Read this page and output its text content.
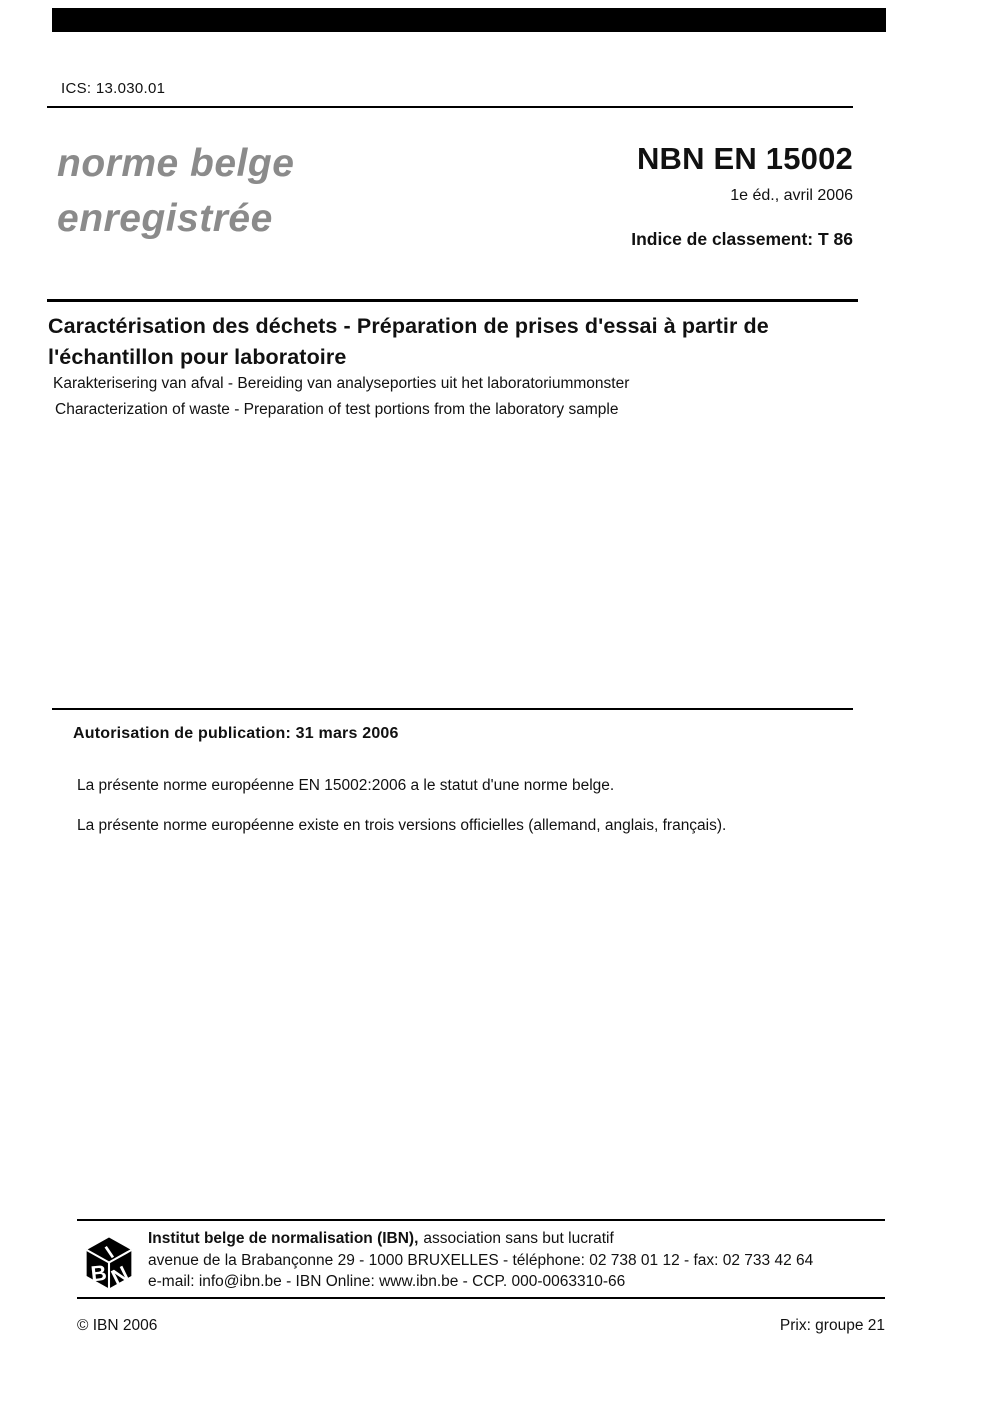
ICS: 13.030.01
norme belge
enregistrée
NBN EN 15002
1e éd., avril 2006
Indice de classement: T 86
Caractérisation des déchets - Préparation de prises d'essai à partir de l'échantillon pour laboratoire
Karakterisering van afval - Bereiding van analyseporties uit het laboratoriummonster
Characterization of waste - Preparation of test portions from the laboratory sample
Autorisation de publication: 31 mars 2006
La présente norme européenne EN 15002:2006 a le statut d'une norme belge.
La présente norme européenne existe en trois versions officielles (allemand, anglais, français).
B N
I
Institut belge de normalisation (IBN), association sans but lucratif
avenue de la Brabançonne 29 - 1000 BRUXELLES - téléphone: 02 738 01 12 - fax: 02 733 42 64
e-mail: info@ibn.be - IBN Online: www.ibn.be - CCP. 000-0063310-66
© IBN 2006	Prix: groupe 21
